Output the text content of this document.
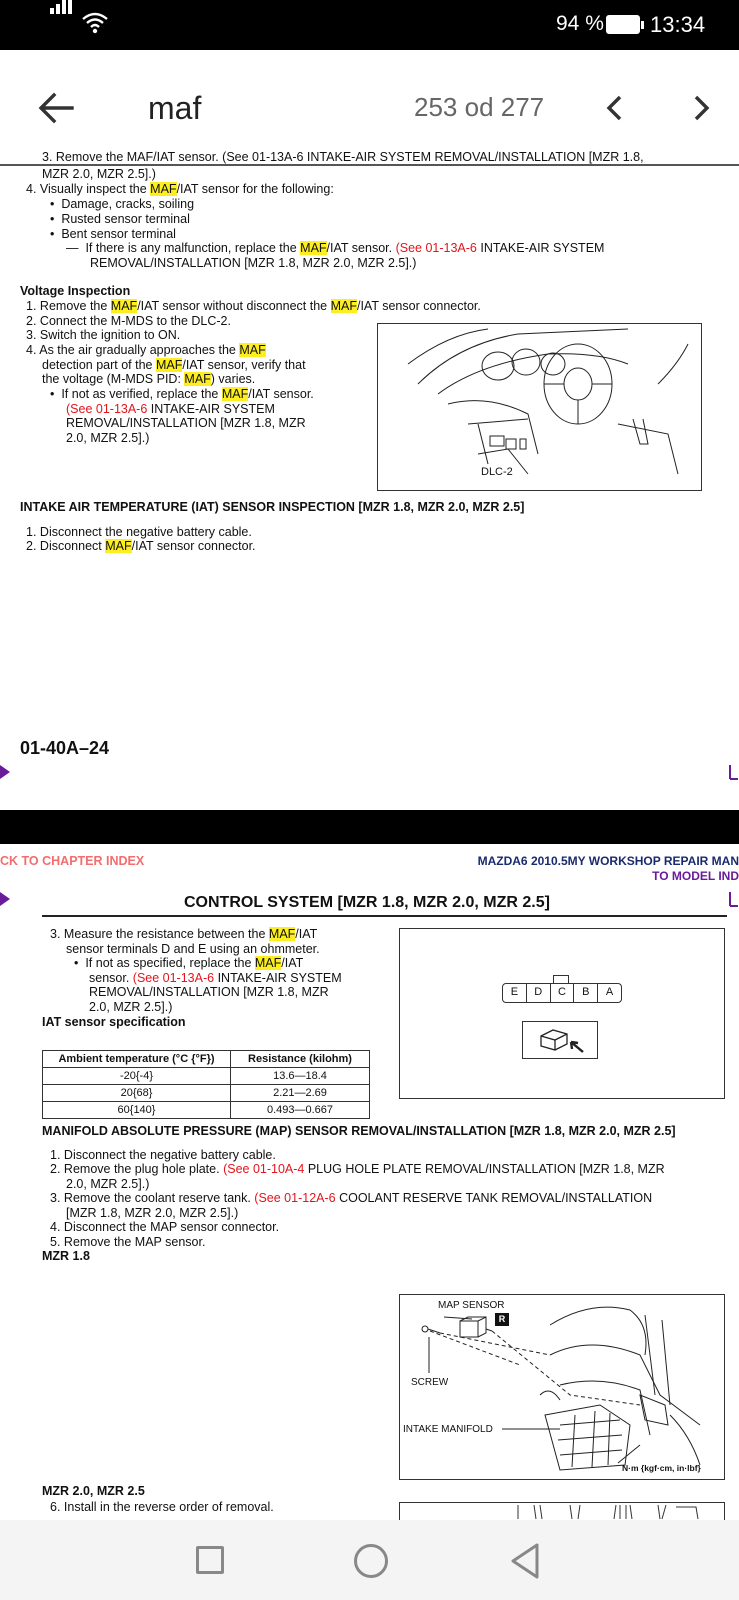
94 % 13:34
maf	253 od 277
3. Remove the MAF/IAT sensor. (See 01-13A-6 INTAKE-AIR SYSTEM REMOVAL/INSTALLATION [MZR 1.8,
MZR 2.0, MZR 2.5].)
4. Visually inspect the MAF/IAT sensor for the following:
•  Damage, cracks, soiling
•  Rusted sensor terminal
•  Bent sensor terminal
—  If there is any malfunction, replace the MAF/IAT sensor. (See 01-13A-6 INTAKE-AIR SYSTEM
REMOVAL/INSTALLATION [MZR 1.8, MZR 2.0, MZR 2.5].)
Voltage Inspection
1. Remove the MAF/IAT sensor without disconnect the MAF/IAT sensor connector.
2. Connect the M-MDS to the DLC-2.
3. Switch the ignition to ON.
4. As the air gradually approaches the MAF
detection part of the MAF/IAT sensor, verify that
the voltage (M-MDS PID: MAF) varies.
•  If not as verified, replace the MAF/IAT sensor.
(See 01-13A-6 INTAKE-AIR SYSTEM
REMOVAL/INSTALLATION [MZR 1.8, MZR
2.0, MZR 2.5].)
DLC-2
INTAKE AIR TEMPERATURE (IAT) SENSOR INSPECTION [MZR 1.8, MZR 2.0, MZR 2.5]
1. Disconnect the negative battery cable.
2. Disconnect MAF/IAT sensor connector.
01-40A–24
CK TO CHAPTER INDEX	MAZDA6 2010.5MY WORKSHOP REPAIR MAN
TO MODEL IND
CONTROL SYSTEM [MZR 1.8, MZR 2.0, MZR 2.5]
3. Measure the resistance between the MAF/IAT
sensor terminals D and E using an ohmmeter.
•  If not as specified, replace the MAF/IAT
sensor. (See 01-13A-6 INTAKE-AIR SYSTEM
REMOVAL/INSTALLATION [MZR 1.8, MZR
2.0, MZR 2.5].)
IAT sensor specification
Ambient temperature (°C {°F})	Resistance (kilohm)
-20{-4}	13.6—18.4
20{68}	2.21—2.69
60{140}	0.493—0.667
E	D	C	B	A
MANIFOLD ABSOLUTE PRESSURE (MAP) SENSOR REMOVAL/INSTALLATION [MZR 1.8, MZR 2.0, MZR 2.5]
1. Disconnect the negative battery cable.
2. Remove the plug hole plate. (See 01-10A-4 PLUG HOLE PLATE REMOVAL/INSTALLATION [MZR 1.8, MZR
2.0, MZR 2.5].)
3. Remove the coolant reserve tank. (See 01-12A-6 COOLANT RESERVE TANK REMOVAL/INSTALLATION
[MZR 1.8, MZR 2.0, MZR 2.5].)
4. Disconnect the MAP sensor connector.
5. Remove the MAP sensor.
MZR 1.8
MAP SENSOR
R
SCREW
INTAKE MANIFOLD
N·m {kgf·cm, in·lbf}
MZR 2.0, MZR 2.5
6. Install in the reverse order of removal.
